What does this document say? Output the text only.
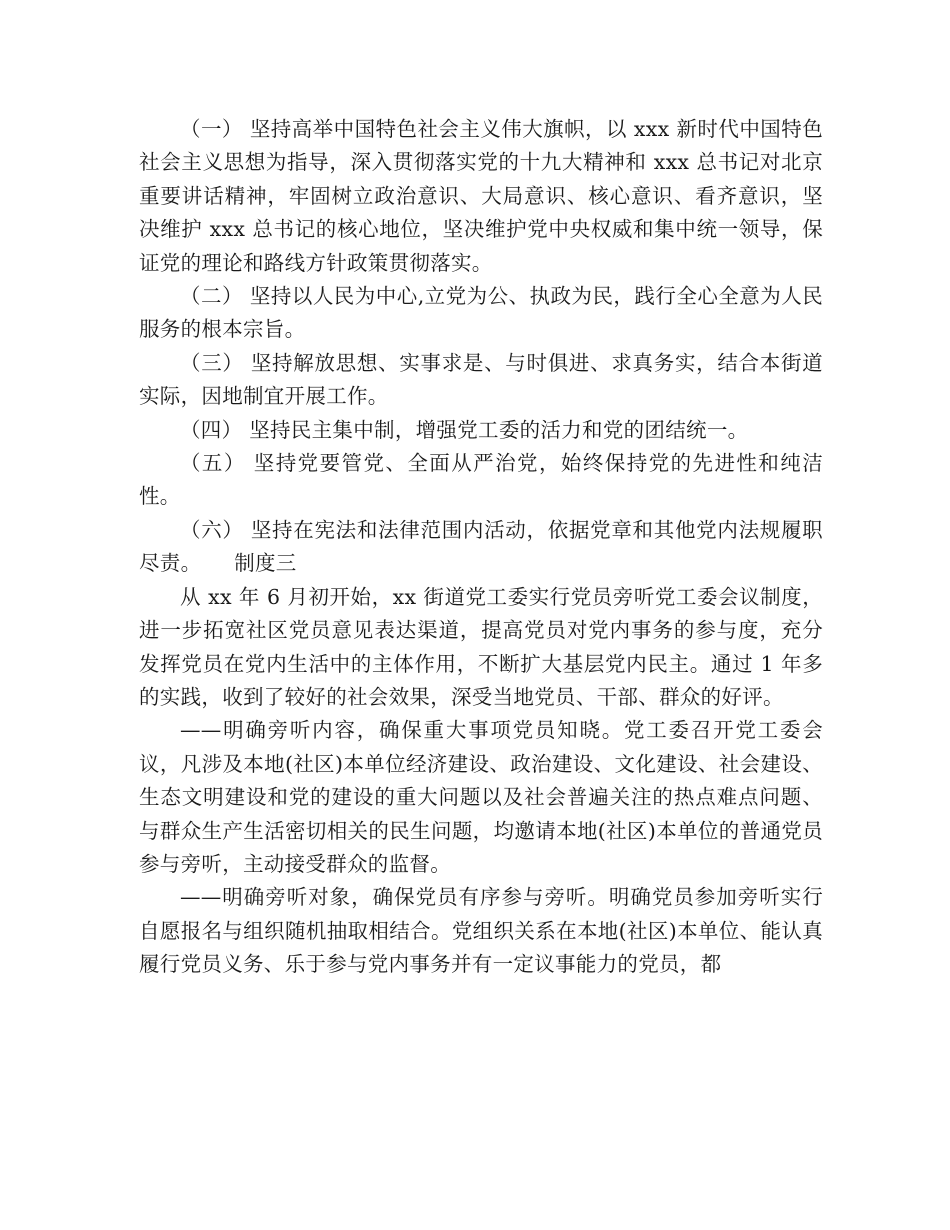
（一） 坚持高举中国特色社会主义伟大旗帜，以 xxx 新时代中国特色社会主义思想为指导，深入贯彻落实党的十九大精神和 xxx 总书记对北京重要讲话精神，牢固树立政治意识、大局意识、核心意识、看齐意识，坚决维护 xxx 总书记的核心地位，坚决维护党中央权威和集中统一领导，保证党的理论和路线方针政策贯彻落实。

（二） 坚持以人民为中心,立党为公、执政为民，践行全心全意为人民服务的根本宗旨。

（三） 坚持解放思想、实事求是、与时俱进、求真务实，结合本街道实际，因地制宜开展工作。

（四） 坚持民主集中制，增强党工委的活力和党的团结统一。

（五） 坚持党要管党、全面从严治党，始终保持党的先进性和纯洁性。

（六） 坚持在宪法和法律范围内活动，依据党章和其他党内法规履职尽责。 制度三

从 xx 年 6 月初开始，xx 街道党工委实行党员旁听党工委会议制度，进一步拓宽社区党员意见表达渠道，提高党员对党内事务的参与度，充分发挥党员在党内生活中的主体作用，不断扩大基层党内民主。通过 1 年多的实践，收到了较好的社会效果，深受当地党员、干部、群众的好评。

——明确旁听内容，确保重大事项党员知晓。党工委召开党工委会议，凡涉及本地(社区)本单位经济建设、政治建设、文化建设、社会建设、生态文明建设和党的建设的重大问题以及社会普遍关注的热点难点问题、与群众生产生活密切相关的民生问题，均邀请本地(社区)本单位的普通党员参与旁听，主动接受群众的监督。

——明确旁听对象，确保党员有序参与旁听。明确党员参加旁听实行自愿报名与组织随机抽取相结合。党组织关系在本地(社区)本单位、能认真履行党员义务、乐于参与党内事务并有一定议事能力的党员，都
